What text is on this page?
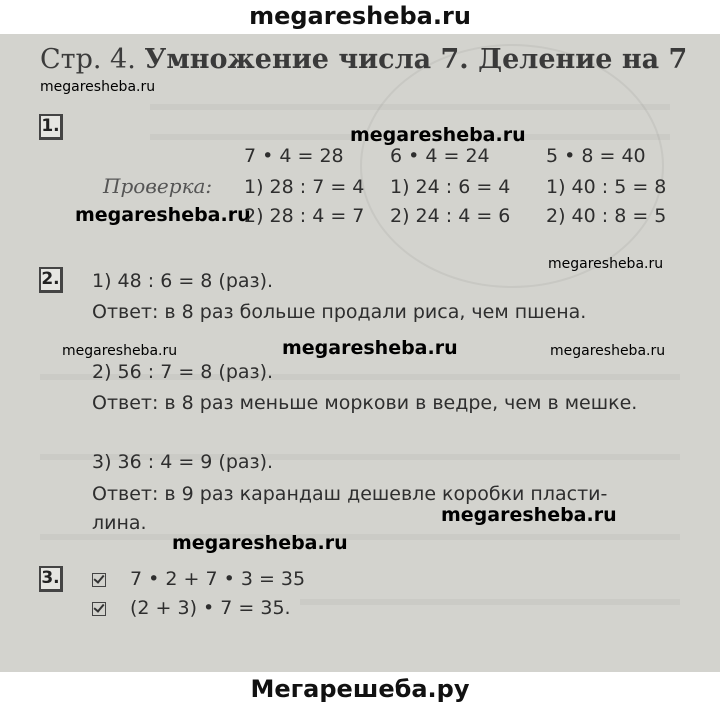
megaresheba.ru
Стр. 4. Умножение числа 7. Деление на 7
megaresheba.ru
1.	megaresheba.ru
7 • 4 = 28 6 • 4 = 24	5 • 8 = 40
Проверка: 1) 28 : 7 = 4 1) 24 : 6 = 4 1) 40 : 5 = 8
megaresheba.ru
2) 28 : 4 = 7 2) 24 : 4 = 6 2) 40 : 8 = 5
2.
megaresheba.ru
1) 48 : 6 = 8 (раз).
Ответ: в 8 раз больше продали риса, чем пшена.
megaresheba.ru	megaresheba.ru	megaresheba.ru
2) 56 : 7 = 8 (раз).
Ответ: в 8 раз меньше моркови в ведре, чем в мешке.
3) 36 : 4 = 9 (раз).
Ответ: в 9 раз карандаш дешевле коробки пласти-
лина.	megaresheba.ru
megaresheba.ru
3.	7 • 2 + 7 • 3 = 35
(2 + 3) • 7 = 35.
Мегарешеба.ру
